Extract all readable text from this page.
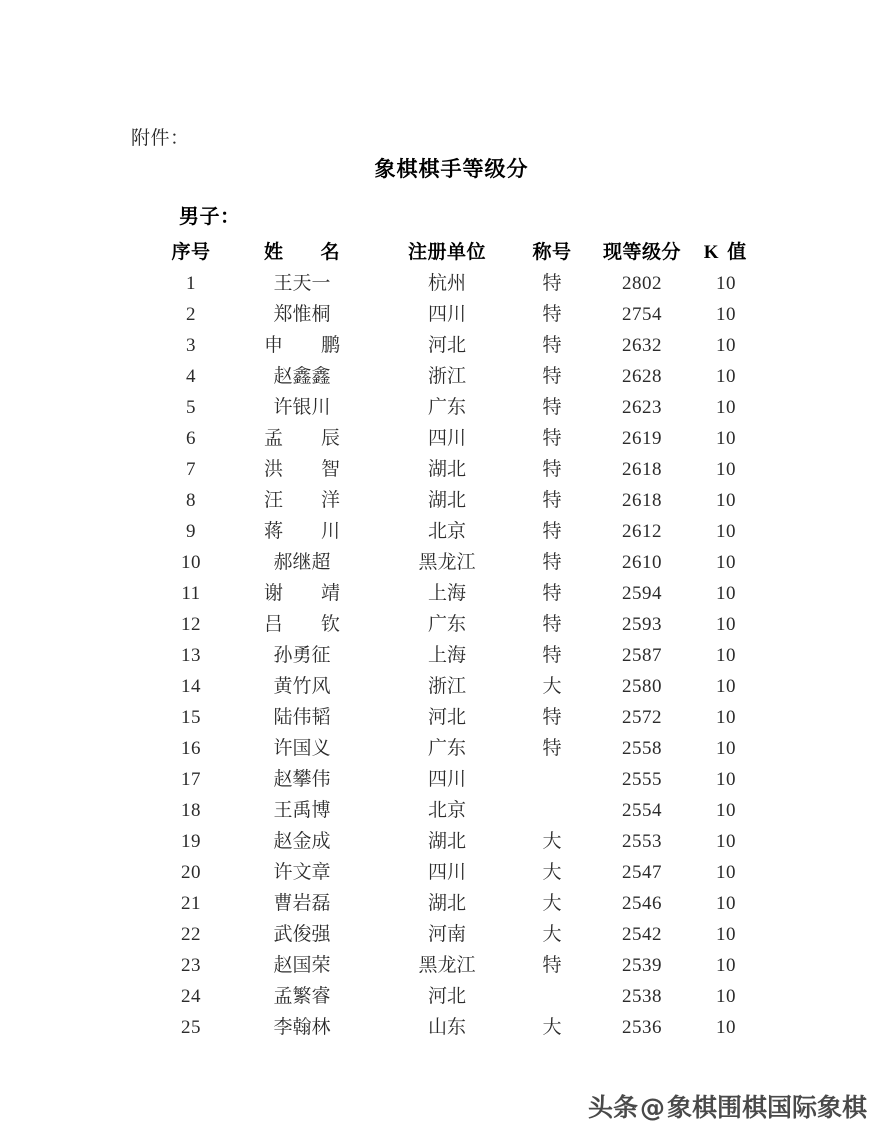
附件：
象棋棋手等级分
男子：
序号	姓名	注册单位	称号	现等级分	K 值
1	王天一	杭州	特	2802	10
2	郑惟桐	四川	特	2754	10
3	申鹏	河北	特	2632	10
4	赵鑫鑫	浙江	特	2628	10
5	许银川	广东	特	2623	10
6	孟辰	四川	特	2619	10
7	洪智	湖北	特	2618	10
8	汪洋	湖北	特	2618	10
9	蒋川	北京	特	2612	10
10	郝继超	黑龙江	特	2610	10
11	谢靖	上海	特	2594	10
12	吕钦	广东	特	2593	10
13	孙勇征	上海	特	2587	10
14	黄竹风	浙江	大	2580	10
15	陆伟韬	河北	特	2572	10
16	许国义	广东	特	2558	10
17	赵攀伟	四川		2555	10
18	王禹博	北京		2554	10
19	赵金成	湖北	大	2553	10
20	许文章	四川	大	2547	10
21	曹岩磊	湖北	大	2546	10
22	武俊强	河南	大	2542	10
23	赵国荣	黑龙江	特	2539	10
24	孟繁睿	河北		2538	10
25	李翰林	山东	大	2536	10
头条@象棋围棋国际象棋
